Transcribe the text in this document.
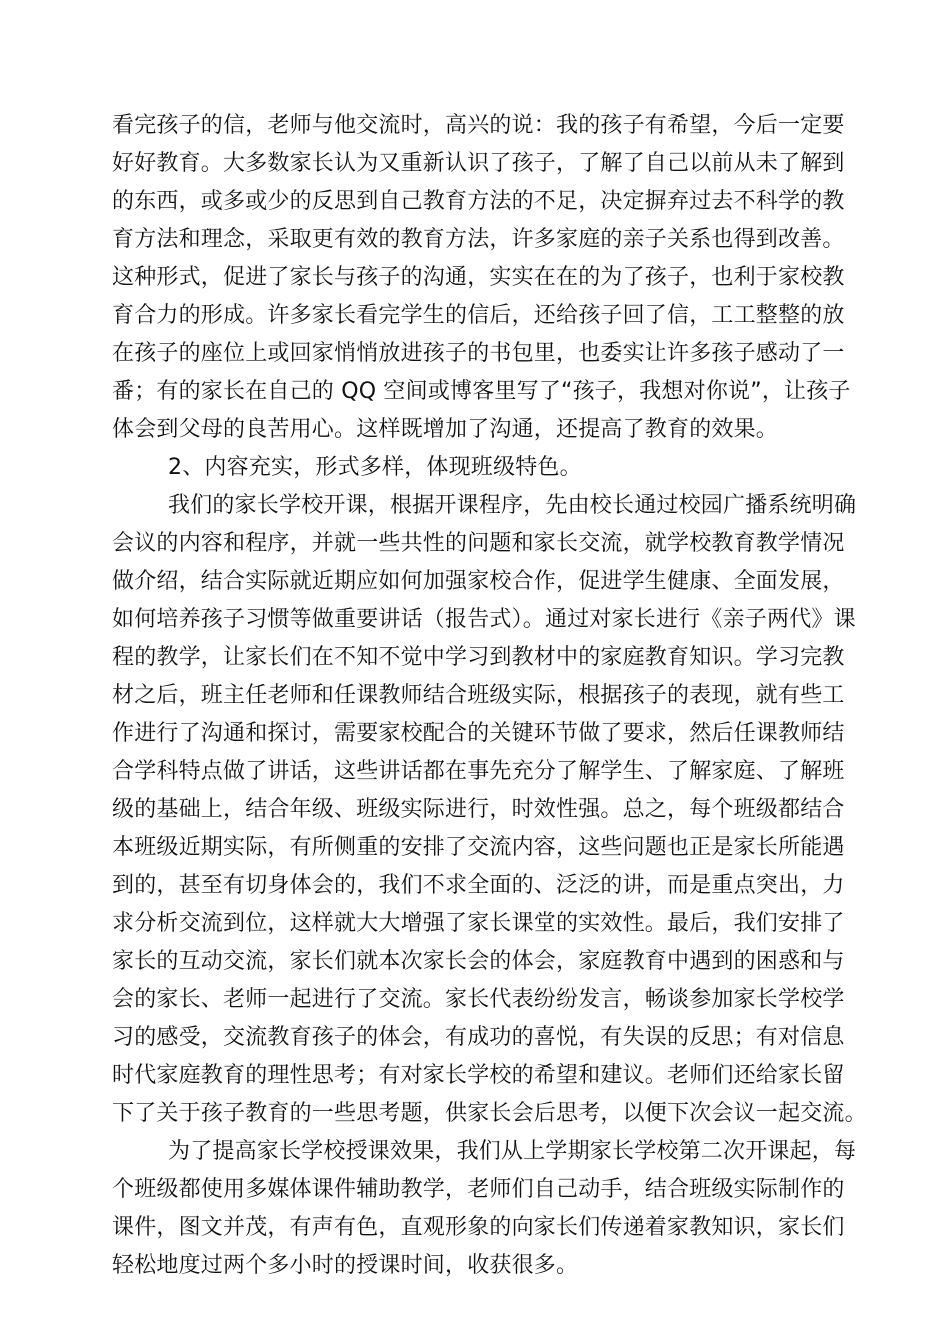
看完孩子的信，老师与他交流时，高兴的说：我的孩子有希望，今后一定要
好好教育。大多数家长认为又重新认识了孩子，了解了自己以前从未了解到
的东西，或多或少的反思到自己教育方法的不足，决定摒弃过去不科学的教
育方法和理念，采取更有效的教育方法，许多家庭的亲子关系也得到改善。
这种形式，促进了家长与孩子的沟通，实实在在的为了孩子，也利于家校教
育合力的形成。许多家长看完学生的信后，还给孩子回了信，工工整整的放
在孩子的座位上或回家悄悄放进孩子的书包里，也委实让许多孩子感动了一
番；有的家长在自己的 QQ 空间或博客里写了“孩子，我想对你说”，让孩子
体会到父母的良苦用心。这样既增加了沟通，还提高了教育的效果。
2、内容充实，形式多样，体现班级特色。
我们的家长学校开课，根据开课程序，先由校长通过校园广播系统明确
会议的内容和程序，并就一些共性的问题和家长交流，就学校教育教学情况
做介绍，结合实际就近期应如何加强家校合作，促进学生健康、全面发展，
如何培养孩子习惯等做重要讲话（报告式）。通过对家长进行《亲子两代》课
程的教学，让家长们在不知不觉中学习到教材中的家庭教育知识。学习完教
材之后，班主任老师和任课教师结合班级实际，根据孩子的表现，就有些工
作进行了沟通和探讨，需要家校配合的关键环节做了要求，然后任课教师结
合学科特点做了讲话，这些讲话都在事先充分了解学生、了解家庭、了解班
级的基础上，结合年级、班级实际进行，时效性强。总之，每个班级都结合
本班级近期实际，有所侧重的安排了交流内容，这些问题也正是家长所能遇
到的，甚至有切身体会的，我们不求全面的、泛泛的讲，而是重点突出，力
求分析交流到位，这样就大大增强了家长课堂的实效性。最后，我们安排了
家长的互动交流，家长们就本次家长会的体会，家庭教育中遇到的困惑和与
会的家长、老师一起进行了交流。家长代表纷纷发言，畅谈参加家长学校学
习的感受，交流教育孩子的体会，有成功的喜悦，有失误的反思；有对信息
时代家庭教育的理性思考；有对家长学校的希望和建议。老师们还给家长留
下了关于孩子教育的一些思考题，供家长会后思考，以便下次会议一起交流。
为了提高家长学校授课效果，我们从上学期家长学校第二次开课起，每
个班级都使用多媒体课件辅助教学，老师们自己动手，结合班级实际制作的
课件，图文并茂，有声有色，直观形象的向家长们传递着家教知识，家长们
轻松地度过两个多小时的授课时间，收获很多。
